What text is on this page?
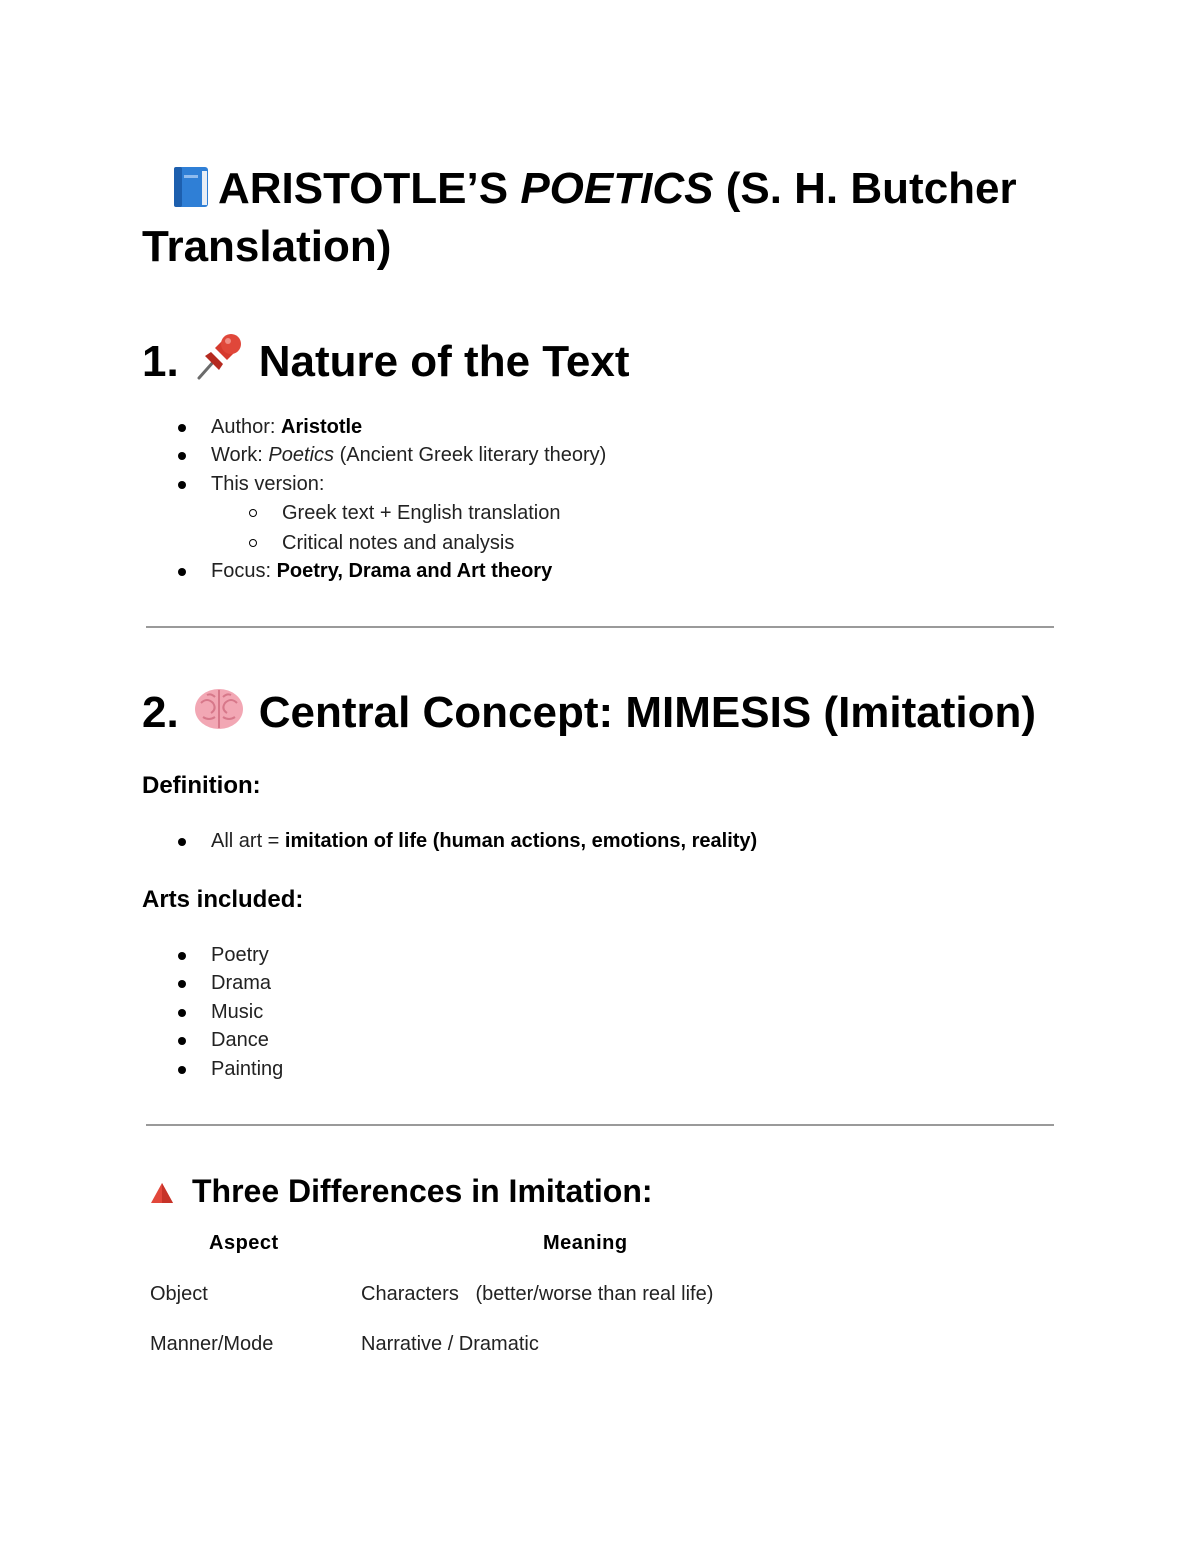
ARISTOTLE’S POETICS (S. H. Butcher Translation)
1. Nature of the Text
Author: Aristotle
Work: Poetics (Ancient Greek literary theory)
This version:
Greek text + English translation
Critical notes and analysis
Focus: Poetry, Drama and Art theory
2. Central Concept: MIMESIS (Imitation)
Definition:
All art = imitation of life (human actions, emotions, reality)
Arts included:
Poetry
Drama
Music
Dance
Painting
Three Differences in Imitation:
Aspect	Meaning
Object	Characters   (better/worse than real life)
Manner/Mode	Narrative / Dramatic
